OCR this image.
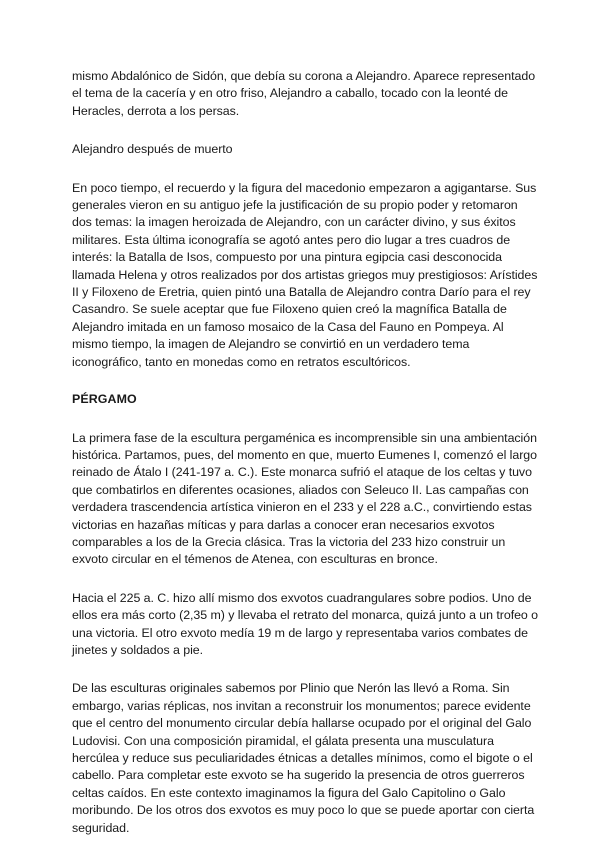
mismo Abdalónico de Sidón, que debía su corona a Alejandro. Aparece representado el tema de la cacería y en otro friso, Alejandro a caballo, tocado con la leonté de Heracles, derrota a los persas.

Alejandro después de muerto

En poco tiempo, el recuerdo y la figura del macedonio empezaron a agigantarse. Sus generales vieron en su antiguo jefe la justificación de su propio poder y retomaron dos temas: la imagen heroizada de Alejandro, con un carácter divino, y sus éxitos militares. Esta última iconografía se agotó antes pero dio lugar a tres cuadros de interés: la Batalla de Isos, compuesto por una pintura egipcia casi desconocida llamada Helena y otros realizados por dos artistas griegos muy prestigiosos: Arístides II y Filoxeno de Eretria, quien pintó una Batalla de Alejandro contra Darío para el rey Casandro. Se suele aceptar que fue Filoxeno quien creó la magnífica Batalla de Alejandro imitada en un famoso mosaico de la Casa del Fauno en Pompeya. Al mismo tiempo, la imagen de Alejandro se convirtió en un verdadero tema iconográfico, tanto en monedas como en retratos escultóricos.

PÉRGAMO

La primera fase de la escultura pergaménica es incomprensible sin una ambientación histórica. Partamos, pues, del momento en que, muerto Eumenes I, comenzó el largo reinado de Átalo I (241-197 a. C.). Este monarca sufrió el ataque de los celtas y tuvo que combatirlos en diferentes ocasiones, aliados con Seleuco II. Las campañas con verdadera trascendencia artística vinieron en el 233 y el 228 a.C., convirtiendo estas victorias en hazañas míticas y para darlas a conocer eran necesarios exvotos comparables a los de la Grecia clásica. Tras la victoria del 233 hizo construir un exvoto circular en el témenos de Atenea, con esculturas en bronce.

Hacia el 225 a. C. hizo allí mismo dos exvotos cuadrangulares sobre podios. Uno de ellos era más corto (2,35 m) y llevaba el retrato del monarca, quizá junto a un trofeo o una victoria. El otro exvoto medía 19 m de largo y representaba varios combates de jinetes y soldados a pie.

De las esculturas originales sabemos por Plinio que Nerón las llevó a Roma. Sin embargo, varias réplicas, nos invitan a reconstruir los monumentos; parece evidente que el centro del monumento circular debía hallarse ocupado por el original del Galo Ludovisi. Con una composición piramidal, el gálata presenta una musculatura hercúlea y reduce sus peculiaridades étnicas a detalles mínimos, como el bigote o el cabello. Para completar este exvoto se ha sugerido la presencia de otros guerreros celtas caídos. En este contexto imaginamos la figura del Galo Capitolino o Galo moribundo. De los otros dos exvotos es muy poco lo que se puede aportar con cierta seguridad.
